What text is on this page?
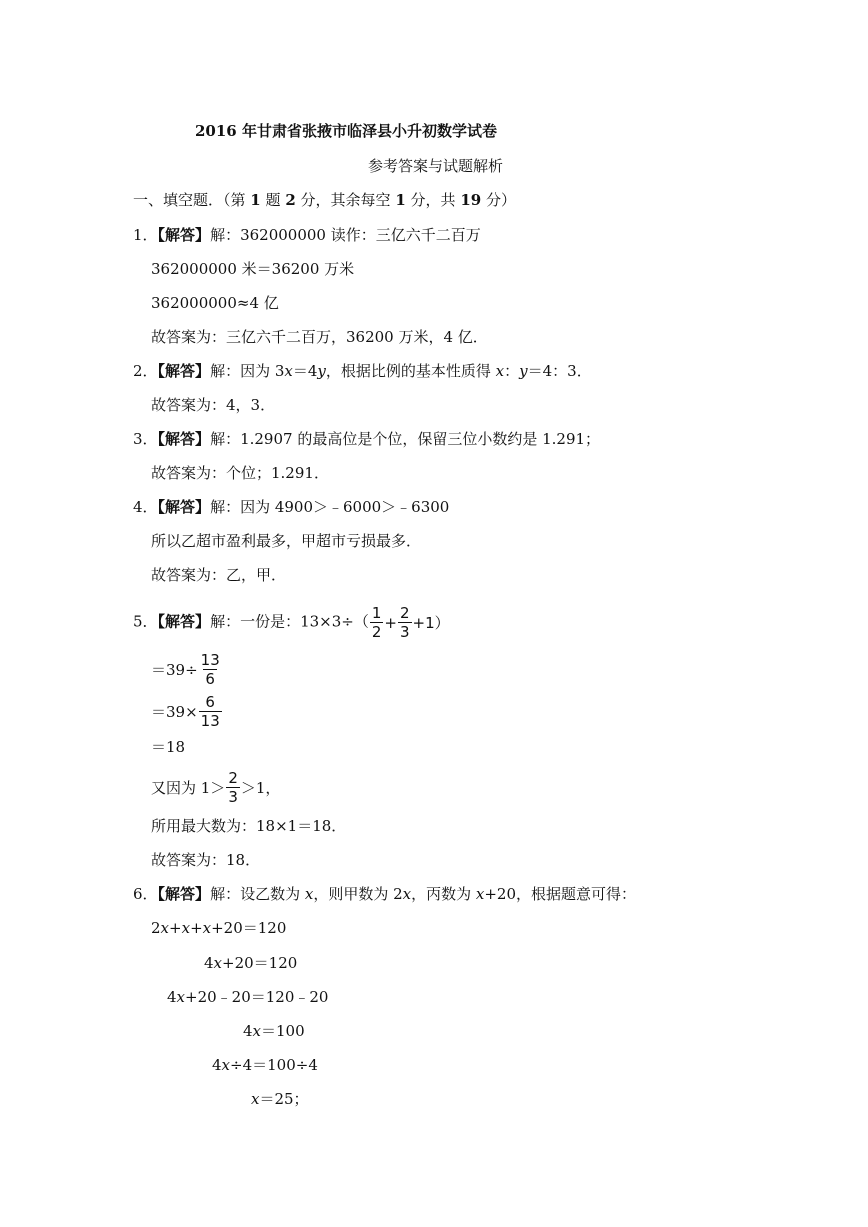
2016 年甘肃省张掖市临泽县小升初数学试卷
参考答案与试题解析
一、填空题．（第 1 题 2 分，其余每空 1 分，共 19 分）
1．【解答】解：362000000 读作：三亿六千二百万
362000000 米＝36200 万米
362000000≈4 亿
故答案为：三亿六千二百万，36200 万米，4 亿．
2．【解答】解：因为 3x＝4y，根据比例的基本性质得 x：y＝4：3．
故答案为：4，3．
3．【解答】解：1.2907 的最高位是个位，保留三位小数约是 1.291；
故答案为：个位；1.291．
4．【解答】解：因为 4900＞﹣6000＞﹣6300
所以乙超市盈利最多，甲超市亏损最多．
故答案为：乙，甲．
5．【解答】解：一份是：$13\times 3\div( \frac{1}{2} + \frac{2}{3} +1)$
$=39\div \frac{13}{6}$
$=39\times \frac{6}{13}$
＝18
又因为 $1> \frac{2}{3} >1$，
所用最大数为：18×1＝18．
故答案为：18．
6．【解答】解：设乙数为 x，则甲数为 2x，丙数为 x+20，根据题意可得：
2x+x+x+20＝120
4x+20＝120
4x+20﹣20＝120﹣20
4x＝100
4x÷4＝100÷4
x＝25；
